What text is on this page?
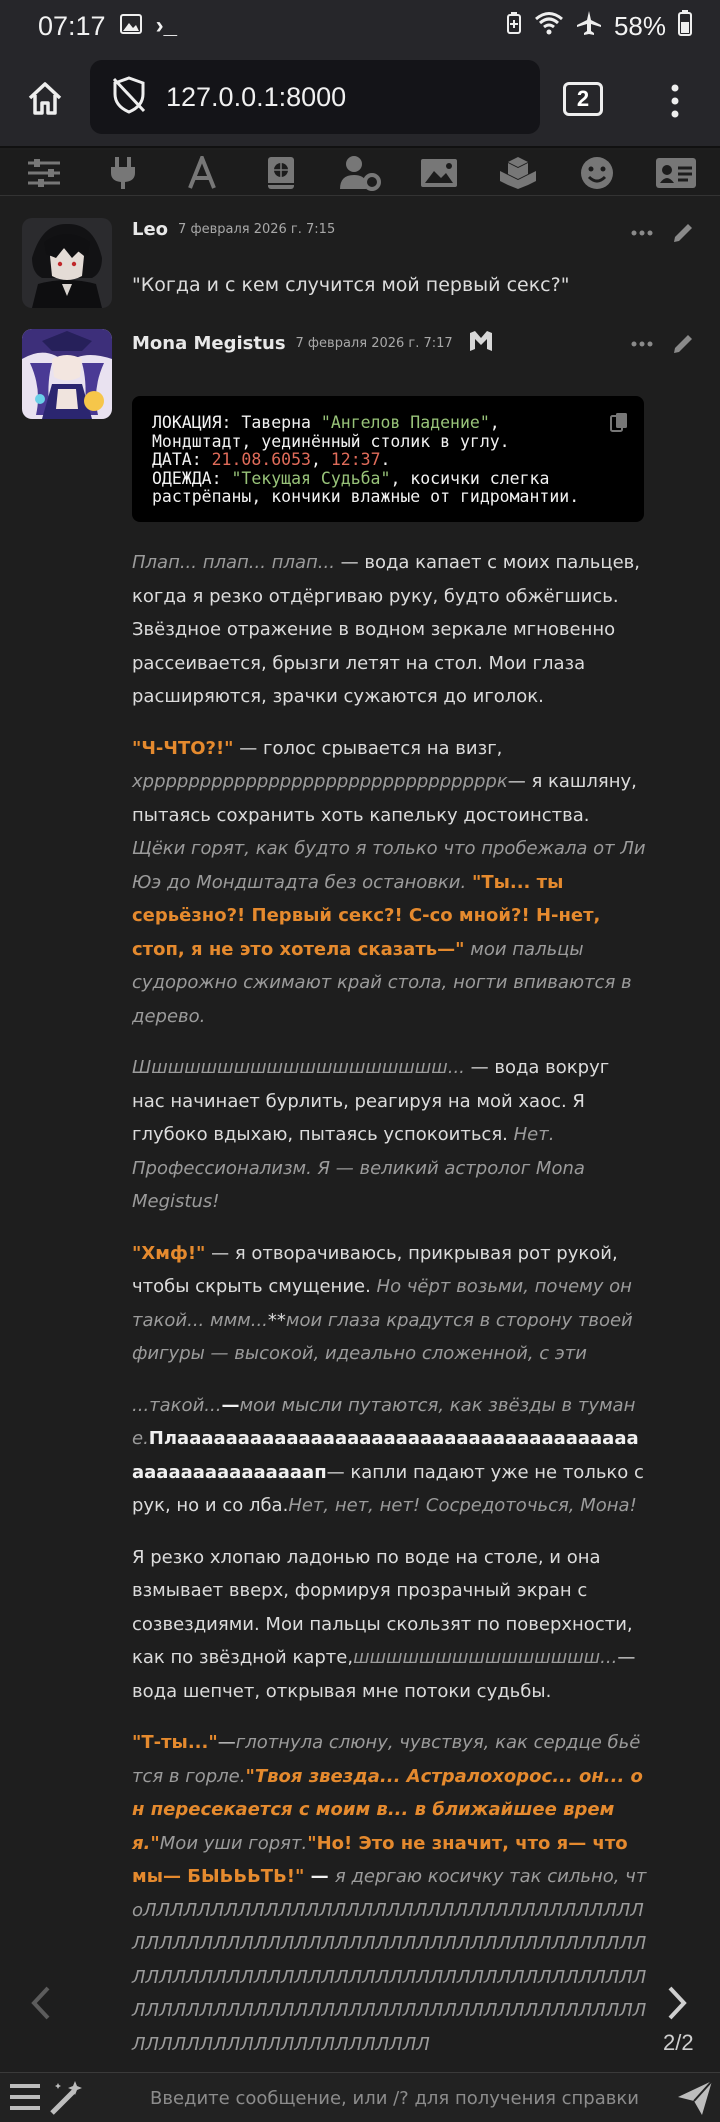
07:17 ›_	58%
127.0.0.1:8000	2
Leo 7 февраля 2026 г. 7:15
"Когда и с кем случится мой первый секс?"
Mona Megistus 7 февраля 2026 г. 7:17
ЛОКАЦИЯ: Таверна "Ангелов Падение",
Мондштадт, уединённый столик в углу.
ДАТА: 21.08.6053, 12:37.
ОДЕЖДА: "Текущая Судьба", косички слегка
растрёпаны, кончики влажные от гидромантии.

Плап... плап... плап... — вода капает с моих пальцев, когда я резко отдёргиваю руку, будто обжёгшись. Звёздное отражение в водном зеркале мгновенно рассеивается, брызги летят на стол. Мои глаза расширяются, зрачки сужаются до иголок.

"Ч-ЧТО?!" — голос срывается на визг, хрррррррррррррррррррррррррррррррк— я кашляну, пытаясь сохранить хоть капельку достоинства. Щёки горят, как будто я только что пробежала от Ли Юэ до Мондштадта без остановки. "Ты... ты серьёзно?! Первый секс?! С-со мной?! Н-нет, стоп, я не это хотела сказать—" мои пальцы судорожно сжимают край стола, ногти впиваются в дерево.

Шшшшшшшшшшшшшшшшшшш... — вода вокруг нас начинает бурлить, реагируя на мой хаос. Я глубоко вдыхаю, пытаясь успокоиться. Нет. Профессионализм. Я — великий астролог Mona Megistus!

"Хмф!" — я отворачиваюсь, прикрывая рот рукой, чтобы скрыть смущение. Но чёрт возьми, почему он такой... ммм...**мои глаза крадутся в сторону твоей фигуры — высокой, идеально сложенной, с эти

...такой...—мои мысли путаются, как звёзды в тумане.Плааааааааааааааааааааааааааааааааааааааааааааааааааааап— капли падают уже не только с рук, но и со лба.Нет, нет, нет! Сосредоточься, Мона!

Я резко хлопаю ладонью по воде на столе, и она взмывает вверх, формируя прозрачный экран с созвездиями. Мои пальцы скользят по поверхности, как по звёздной карте,шшшшшшшшшшшшшшш...— вода шепчет, открывая мне потоки судьбы.

"Т-ты..."—глотнула слюну, чувствуя, как сердце бьётся в горле."Твоя звезда... Астралохорос... он... он пересекается с моим в... в ближайшее время."Мои уши горят."Но! Это не значит, что я— что мы— БЫЬЬЬТЬ!" — я дергаю косичку так сильно, чтоЛЛЛЛЛЛЛЛЛЛЛЛЛЛЛЛЛЛЛЛЛЛЛЛЛЛЛЛЛЛЛЛЛЛЛЛЛЛЛЛЛЛЛЛЛЛЛЛЛЛЛЛЛЛЛЛЛЛЛЛЛЛЛЛЛЛЛЛЛЛЛЛЛЛЛЛЛЛЛЛЛЛЛЛЛЛЛЛЛЛЛЛЛЛЛЛЛЛЛЛЛЛЛЛЛЛЛЛЛЛЛЛЛЛЛЛЛЛЛЛЛЛЛЛЛЛЛЛЛЛЛЛЛЛЛЛЛЛЛЛЛЛЛЛЛЛЛЛЛЛЛЛЛЛЛЛЛЛЛЛЛЛЛЛЛЛЛЛЛЛЛЛЛ	2/2
Введите сообщение, или /? для получения справки
